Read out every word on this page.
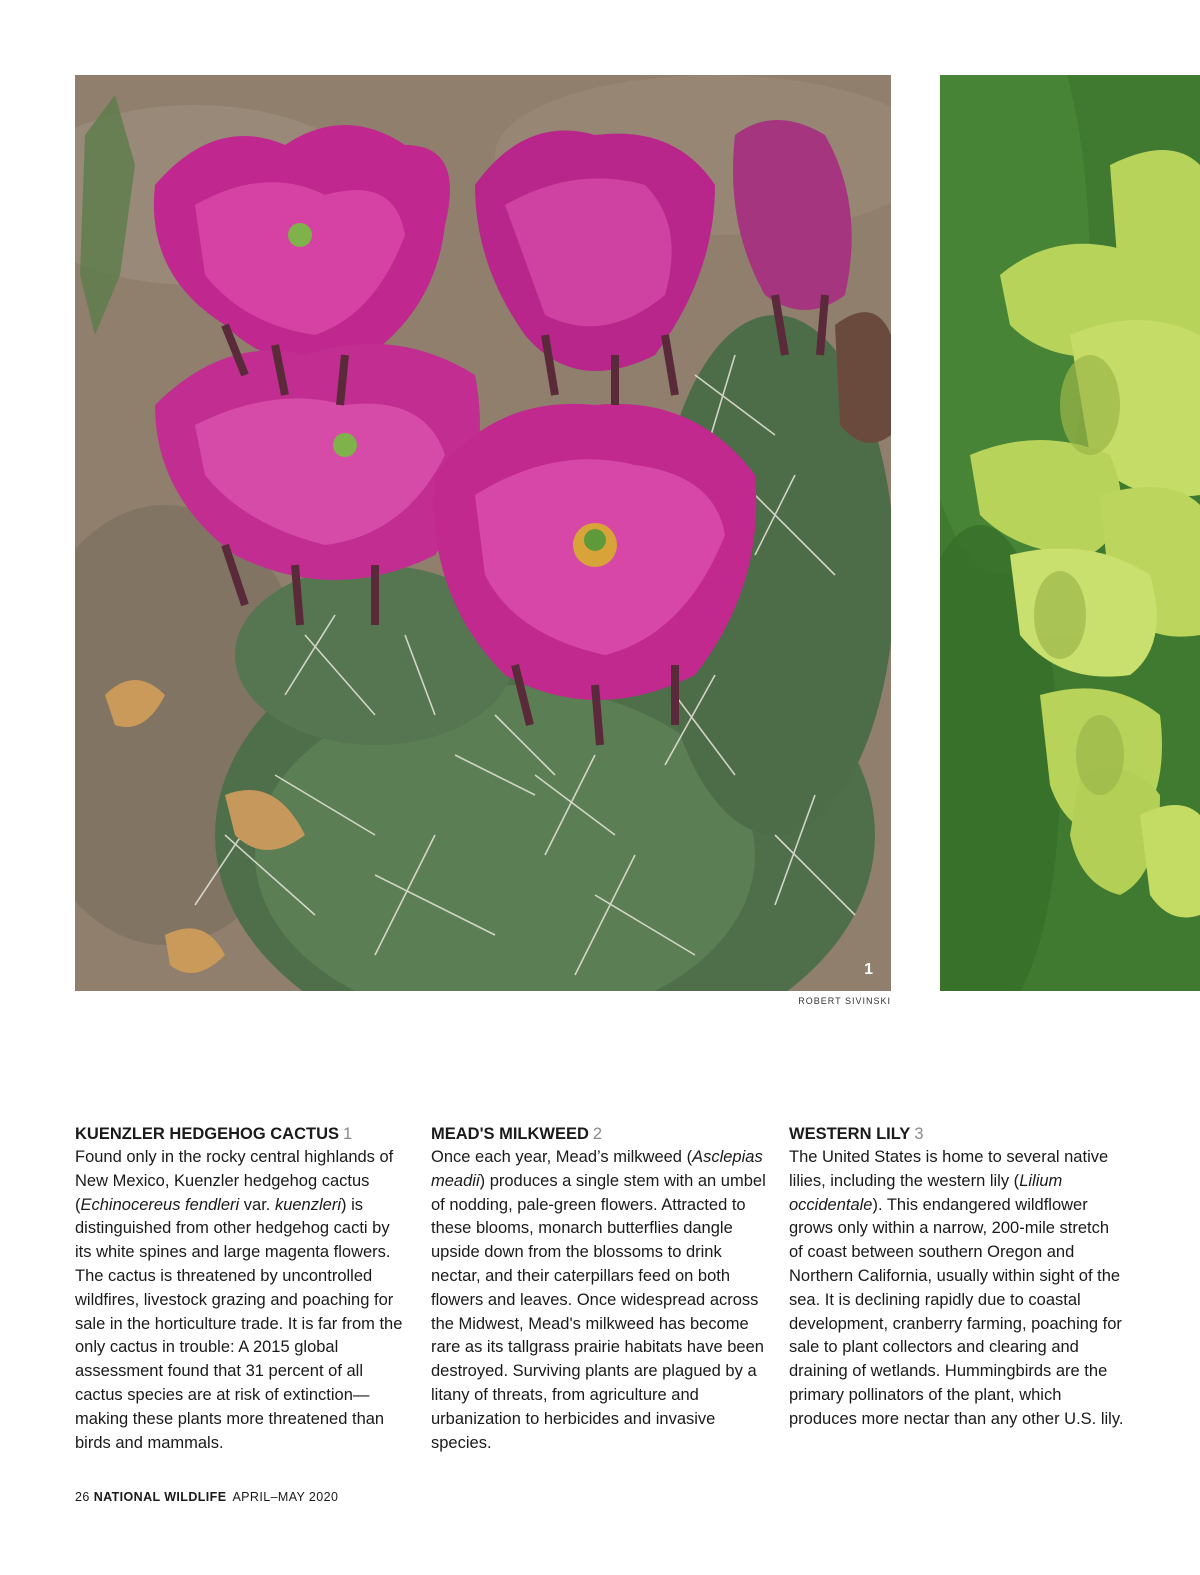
1
ROBERT SIVINSKI
KUENZLER HEDGEHOG CACTUS 1

Found only in the rocky central highlands of New Mexico, Kuenzler hedgehog cactus (Echinocereus fendleri var. kuenzleri) is distinguished from other hedgehog cacti by its white spines and large magenta flowers. The cactus is threatened by uncontrolled wildfires, livestock grazing and poaching for sale in the horticulture trade. It is far from the only cactus in trouble: A 2015 global assessment found that 31 percent of all cactus species are at risk of extinction—making these plants more threatened than birds and mammals.

MEAD'S MILKWEED 2

Once each year, Mead’s milkweed (Asclepias meadii) produces a single stem with an umbel of nodding, pale-green flowers. Attracted to these blooms, monarch butterflies dangle upside down from the blossoms to drink nectar, and their caterpillars feed on both flowers and leaves. Once widespread across the Midwest, Mead's milkweed has become rare as its tallgrass prairie habitats have been destroyed. Surviving plants are plagued by a litany of threats, from agriculture and urbanization to herbicides and invasive species.

WESTERN LILY 3

The United States is home to several native lilies, including the western lily (Lilium occidentale). This endangered wildflower grows only within a narrow, 200-mile stretch of coast between southern Oregon and Northern California, usually within sight of the sea. It is declining rapidly due to coastal development, cranberry farming, poaching for sale to plant collectors and clearing and draining of wetlands. Hummingbirds are the primary pollinators of the plant, which produces more nectar than any other U.S. lily.

26 NATIONAL WILDLIFE APRIL–MAY 2020
